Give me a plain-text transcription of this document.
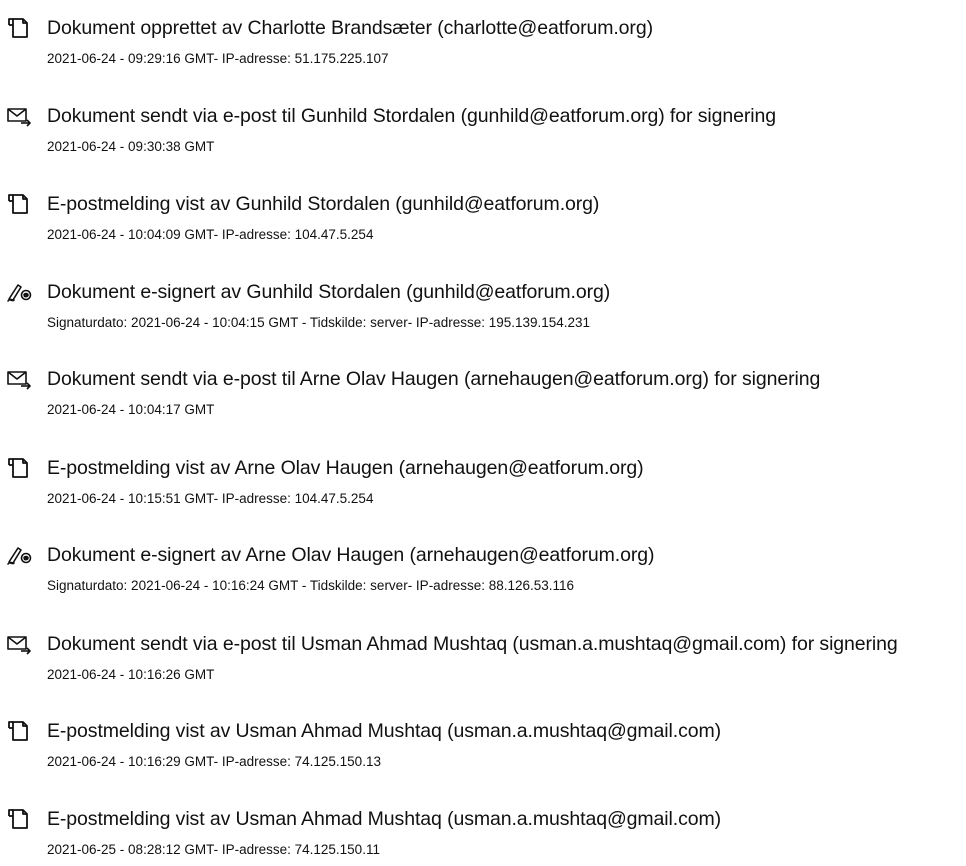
Dokument opprettet av Charlotte Brandsæter (charlotte@eatforum.org)
2021-06-24 - 09:29:16 GMT- IP-adresse: 51.175.225.107
Dokument sendt via e-post til Gunhild Stordalen (gunhild@eatforum.org) for signering
2021-06-24 - 09:30:38 GMT
E-postmelding vist av Gunhild Stordalen (gunhild@eatforum.org)
2021-06-24 - 10:04:09 GMT- IP-adresse: 104.47.5.254
Dokument e-signert av Gunhild Stordalen (gunhild@eatforum.org)
Signaturdato: 2021-06-24 - 10:04:15 GMT - Tidskilde: server- IP-adresse: 195.139.154.231
Dokument sendt via e-post til Arne Olav Haugen (arnehaugen@eatforum.org) for signering
2021-06-24 - 10:04:17 GMT
E-postmelding vist av Arne Olav Haugen (arnehaugen@eatforum.org)
2021-06-24 - 10:15:51 GMT- IP-adresse: 104.47.5.254
Dokument e-signert av Arne Olav Haugen (arnehaugen@eatforum.org)
Signaturdato: 2021-06-24 - 10:16:24 GMT - Tidskilde: server- IP-adresse: 88.126.53.116
Dokument sendt via e-post til Usman Ahmad Mushtaq (usman.a.mushtaq@gmail.com) for signering
2021-06-24 - 10:16:26 GMT
E-postmelding vist av Usman Ahmad Mushtaq (usman.a.mushtaq@gmail.com)
2021-06-24 - 10:16:29 GMT- IP-adresse: 74.125.150.13
E-postmelding vist av Usman Ahmad Mushtaq (usman.a.mushtaq@gmail.com)
2021-06-25 - 08:28:12 GMT- IP-adresse: 74.125.150.11
